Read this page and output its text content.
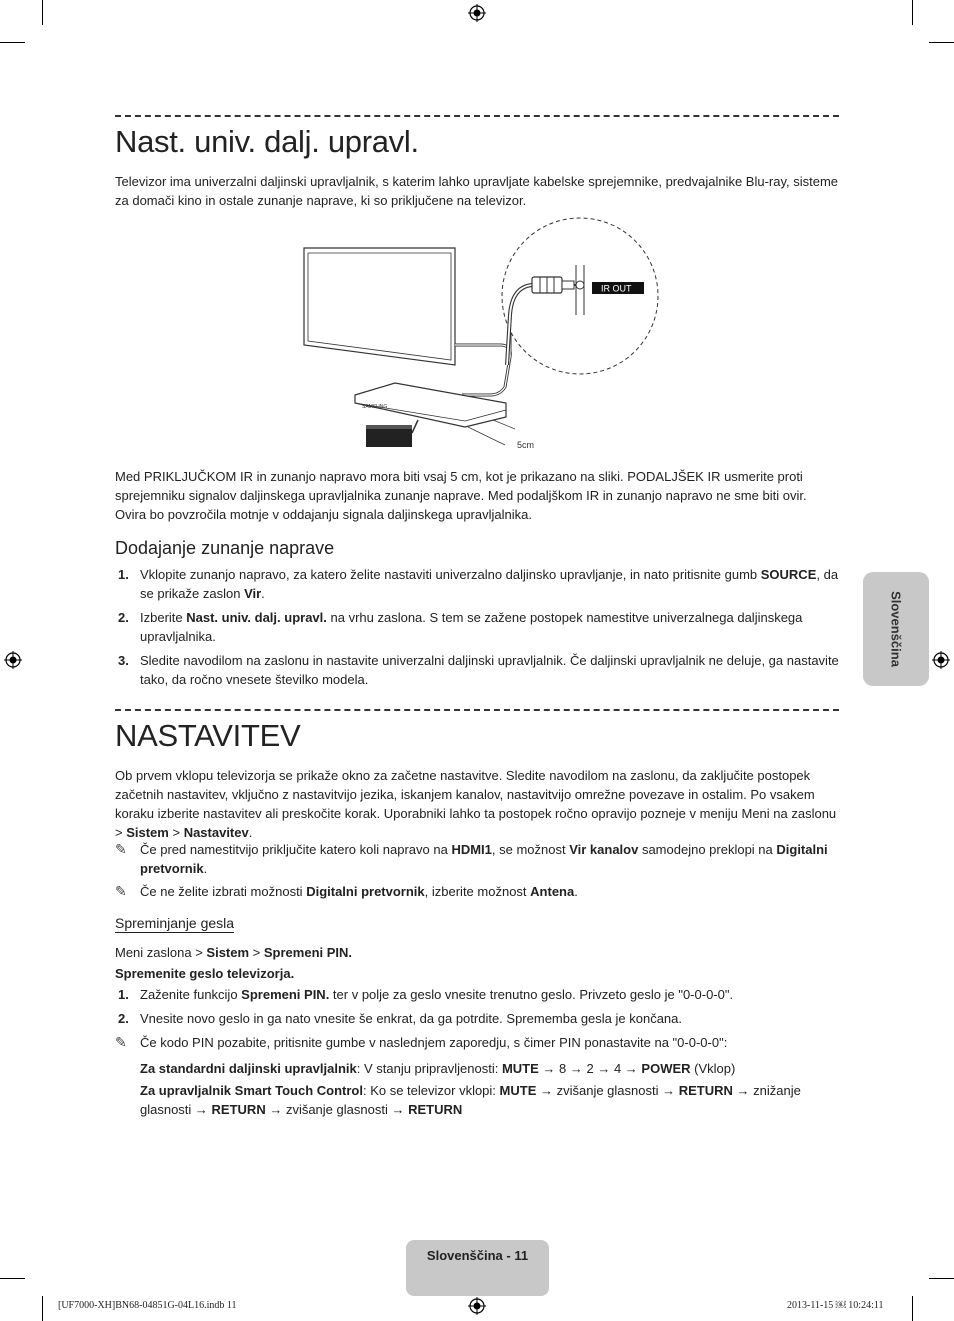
Nast. univ. dalj. upravl.
Televizor ima univerzalni daljinski upravljalnik, s katerim lahko upravljate kabelske sprejemnike, predvajalnike Blu-ray, sisteme za domači kino in ostale zunanje naprave, ki so priključene na televizor.
SAMSUNG
5cm
IR OUT
Med PRIKLJUČKOM IR in zunanjo napravo mora biti vsaj 5 cm, kot je prikazano na sliki. PODALJŠEK IR usmerite proti sprejemniku signalov daljinskega upravljalnika zunanje naprave. Med podaljškom IR in zunanjo napravo ne sme biti ovir. Ovira bo povzročila motnje v oddajanju signala daljinskega upravljalnika.
Dodajanje zunanje naprave
1. Vklopite zunanjo napravo, za katero želite nastaviti univerzalno daljinsko upravljanje, in nato pritisnite gumb SOURCE, da se prikaže zaslon Vir.
2. Izberite Nast. univ. dalj. upravl. na vrhu zaslona. S tem se zažene postopek namestitve univerzalnega daljinskega upravljalnika.
3. Sledite navodilom na zaslonu in nastavite univerzalni daljinski upravljalnik. Če daljinski upravljalnik ne deluje, ga nastavite tako, da ročno vnesete številko modela.
NASTAVITEV
Ob prvem vklopu televizorja se prikaže okno za začetne nastavitve. Sledite navodilom na zaslonu, da zaključite postopek začetnih nastavitev, vključno z nastavitvijo jezika, iskanjem kanalov, nastavitvijo omrežne povezave in ostalim. Po vsakem koraku izberite nastavitev ali preskočite korak. Uporabniki lahko ta postopek ročno opravijo pozneje v meniju Meni na zaslonu > Sistem > Nastavitev.
✎ Če pred namestitvijo priključite katero koli napravo na HDMI1, se možnost Vir kanalov samodejno preklopi na Digitalni pretvornik.
✎ Če ne želite izbrati možnosti Digitalni pretvornik, izberite možnost Antena.
Spreminjanje gesla
Meni zaslona > Sistem > Spremeni PIN.
Spremenite geslo televizorja.
1. Zaženite funkcijo Spremeni PIN. ter v polje za geslo vnesite trenutno geslo. Privzeto geslo je "0-0-0-0".
2. Vnesite novo geslo in ga nato vnesite še enkrat, da ga potrdite. Sprememba gesla je končana.
✎ Če kodo PIN pozabite, pritisnite gumbe v naslednjem zaporedju, s čimer PIN ponastavite na "0-0-0-0":
Za standardni daljinski upravljalnik: V stanju pripravljenosti: MUTE → 8 → 2 → 4 → POWER (Vklop)
Za upravljalnik Smart Touch Control: Ko se televizor vklopi: MUTE → zvišanje glasnosti → RETURN → znižanje glasnosti → RETURN → zvišanje glasnosti → RETURN
Slovenščina
Slovenščina - 11
[UF7000-XH]BN68-04851G-04L16.indb 11	2013-11-15 ￼ 10:24:11
